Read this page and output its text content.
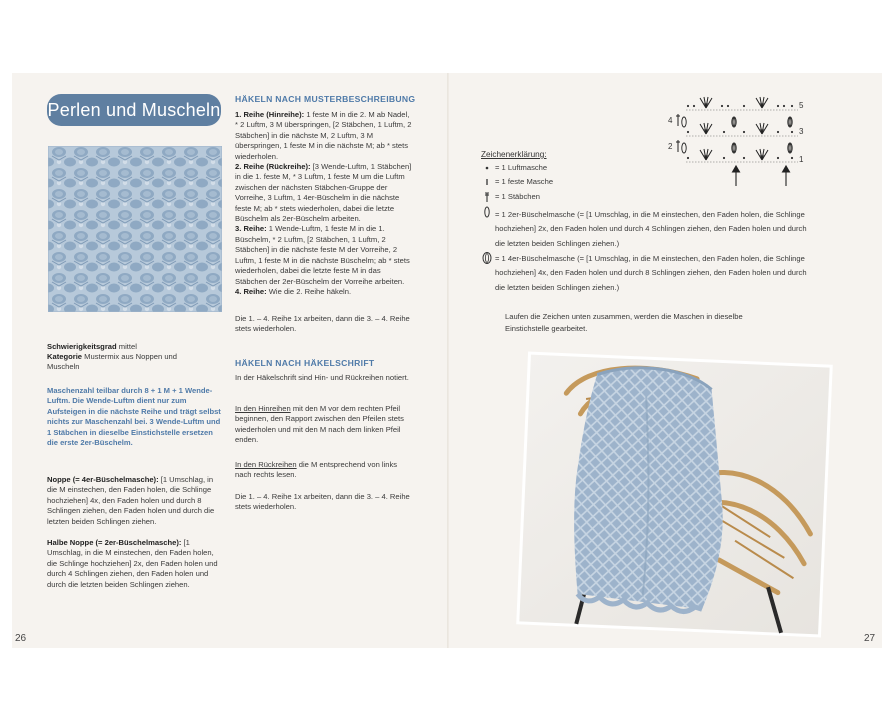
Perlen und Muscheln
Schwierigkeitsgrad mittel
Kategorie Mustermix aus Noppen und Muscheln
Maschenzahl teilbar durch 8 + 1 M + 1 Wende-Luftm. Die Wende-Luftm dient nur zum Aufsteigen in die nächste Reihe und trägt selbst nichts zur Maschenzahl bei. 3 Wende-Luftm und 1 Stäbchen in dieselbe Einstichstelle ersetzen die erste 2er-Büschelm.
Noppe (= 4er-Büschelmasche): [1 Umschlag, in die M einstechen, den Faden holen, die Schlinge hochziehen] 4x, den Faden holen und durch 8 Schlingen ziehen, den Faden holen und durch die letzten beiden Schlingen ziehen.
Halbe Noppe (= 2er-Büschelmasche): [1 Umschlag, in die M einstechen, den Faden holen, die Schlinge hochziehen] 2x, den Faden holen und durch 4 Schlingen ziehen, den Faden holen und durch die letzten beiden Schlingen ziehen.
26
HÄKELN NACH MUSTERBESCHREIBUNG

1. Reihe (Hinreihe): 1 feste M in die 2. M ab Nadel, * 2 Luftm, 3 M überspringen, [2 Stäbchen, 1 Luftm, 2 Stäbchen] in die nächste M, 2 Luftm, 3 M überspringen, 1 feste M in die nächste M; ab * stets wiederholen.

2. Reihe (Rückreihe): [3 Wende-Luftm, 1 Stäbchen] in die 1. feste M, * 3 Luftm, 1 feste M um die Luftm zwischen der nächsten Stäbchen-Gruppe der Vorreihe, 3 Luftm, 1 4er-Büschelm in die nächste feste M; ab * stets wiederholen, dabei die letzte Büschelm als 2er-Büschelm arbeiten.

3. Reihe: 1 Wende-Luftm, 1 feste M in die 1. Büschelm, * 2 Luftm, [2 Stäbchen, 1 Luftm, 2 Stäbchen] in die nächste feste M der Vorreihe, 2 Luftm, 1 feste M in die nächste Büschelm; ab * stets wiederholen, dabei die letzte feste M in das Stäbchen der 2er-Büschelm der Vorreihe arbeiten.

4. Reihe: Wie die 2. Reihe häkeln.

Die 1. – 4. Reihe 1x arbeiten, dann die 3. – 4. Reihe stets wiederholen.
HÄKELN NACH HÄKELSCHRIFT
In der Häkelschrift sind Hin- und Rückreihen notiert.
In den Hinreihen mit den M vor dem rechten Pfeil beginnen, den Rapport zwischen den Pfeilen stets wiederholen und mit den M nach dem linken Pfeil enden.
In den Rückreihen die M entsprechend von links nach rechts lesen.
Die 1. – 4. Reihe 1x arbeiten, dann die 3. – 4. Reihe stets wiederholen.
5
4
3
2
1
Zeichenerklärung:
= 1 Luftmasche
= 1 feste Masche
= 1 Stäbchen
= 1 2er-Büschelmasche (= [1 Umschlag, in die M einstechen, den Faden holen, die Schlinge hochziehen] 2x, den Faden holen und durch 4 Schlingen ziehen, den Faden holen und durch die letzten beiden Schlingen ziehen.)
= 1 4er-Büschelmasche (= [1 Umschlag, in die M einstechen, den Faden holen, die Schlinge hochziehen] 4x, den Faden holen und durch 8 Schlingen ziehen, den Faden holen und durch die letzten beiden Schlingen ziehen.)
Laufen die Zeichen unten zusammen, werden die Maschen in dieselbe Einstichstelle gearbeitet.
27
